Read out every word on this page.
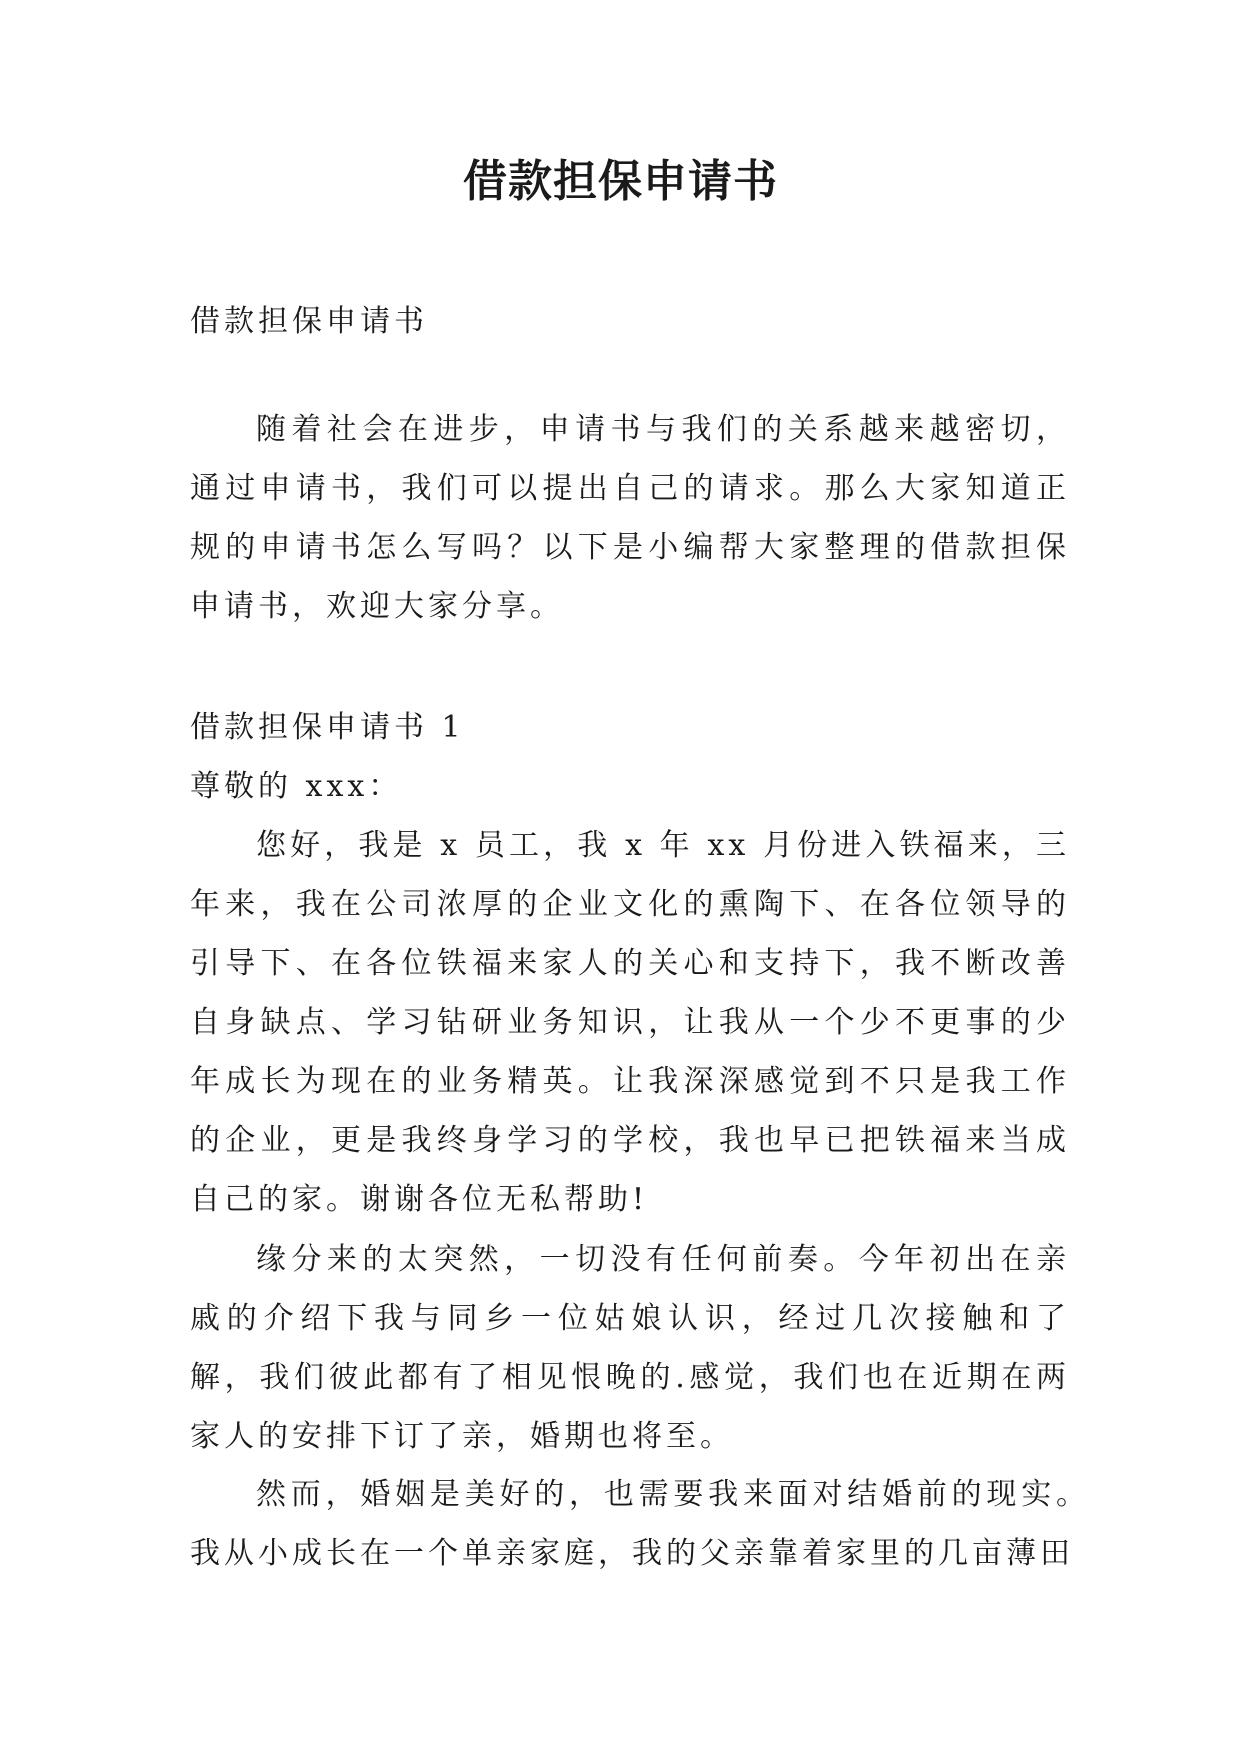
借款担保申请书

借款担保申请书

随着社会在进步，申请书与我们的关系越来越密切，通过申请书，我们可以提出自己的请求。那么大家知道正规的申请书怎么写吗？以下是小编帮大家整理的借款担保申请书，欢迎大家分享。

借款担保申请书 1

尊敬的 xxx：

您好，我是 x 员工，我 x 年 xx 月份进入铁福来，三年来，我在公司浓厚的企业文化的熏陶下、在各位领导的引导下、在各位铁福来家人的关心和支持下，我不断改善自身缺点、学习钻研业务知识，让我从一个少不更事的少年成长为现在的业务精英。让我深深感觉到不只是我工作的企业，更是我终身学习的学校，我也早已把铁福来当成自己的家。谢谢各位无私帮助!

缘分来的太突然，一切没有任何前奏。今年初出在亲戚的介绍下我与同乡一位姑娘认识，经过几次接触和了解，我们彼此都有了相见恨晚的.感觉，我们也在近期在两家人的安排下订了亲，婚期也将至。

然而，婚姻是美好的，也需要我来面对结婚前的现实。我从小成长在一个单亲家庭，我的父亲靠着家里的几亩薄田
